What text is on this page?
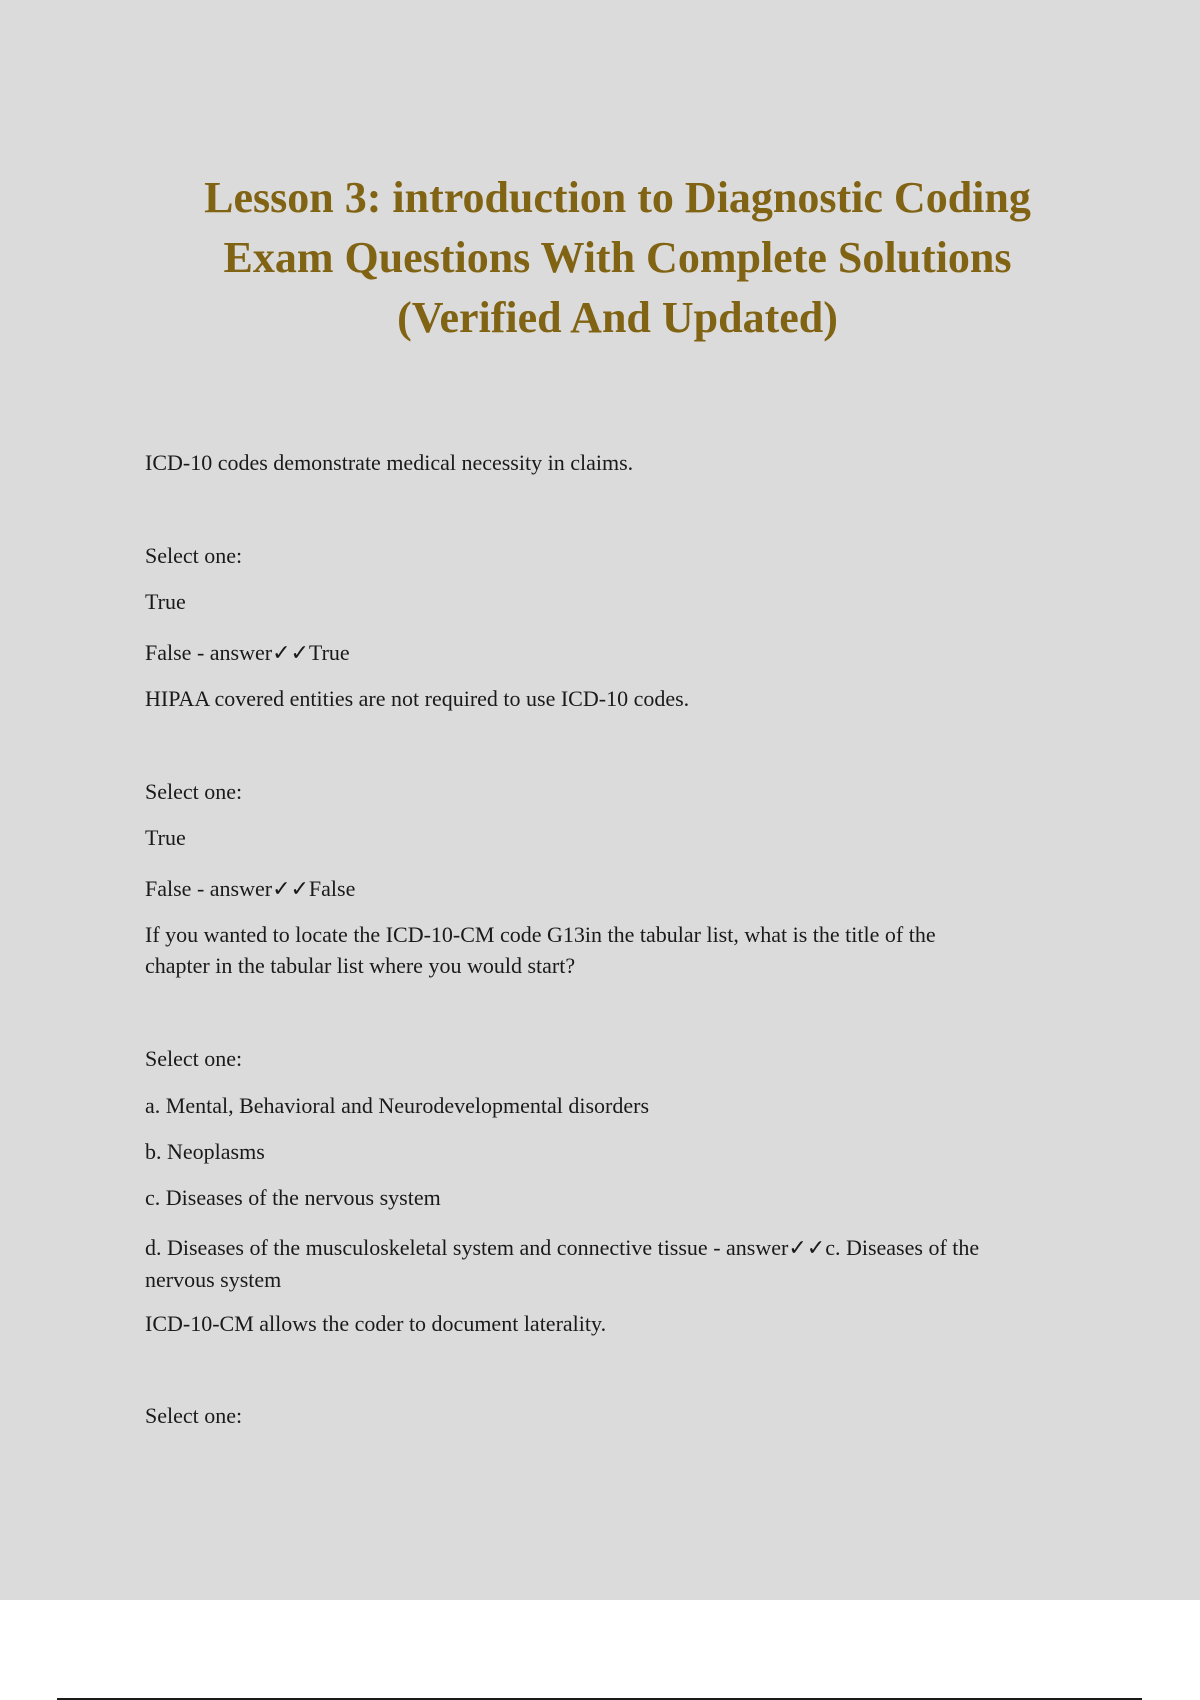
Lesson 3: introduction to Diagnostic Coding
Exam Questions With Complete Solutions
(Verified And Updated)

ICD-10 codes demonstrate medical necessity in claims.

Select one:

True

False - answer✓✓True

HIPAA covered entities are not required to use ICD-10 codes.

Select one:

True

False - answer✓✓False

If you wanted to locate the ICD-10-CM code G13in the tabular list, what is the title of the

chapter in the tabular list where you would start?

Select one:

a. Mental, Behavioral and Neurodevelopmental disorders

b. Neoplasms

c. Diseases of the nervous system

d. Diseases of the musculoskeletal system and connective tissue - answer✓✓c. Diseases of the

nervous system

ICD-10-CM allows the coder to document laterality.

Select one:
